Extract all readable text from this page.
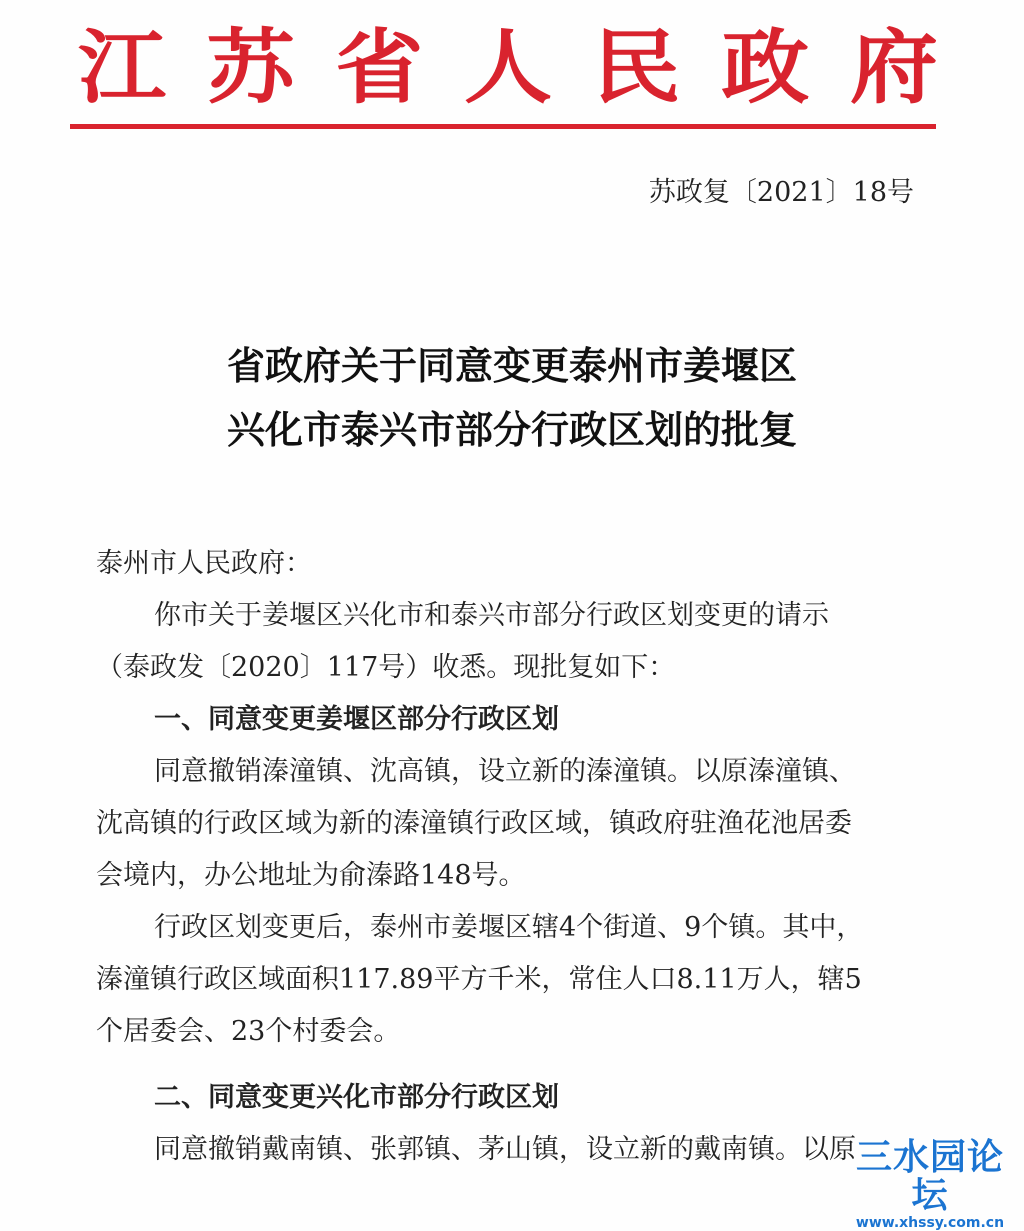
江 苏 省 人 民 政 府
苏政复〔2021〕18号
省政府关于同意变更泰州市姜堰区
兴化市泰兴市部分行政区划的批复
泰州市人民政府：
你市关于姜堰区兴化市和泰兴市部分行政区划变更的请示
（泰政发〔2020〕117号）收悉。现批复如下：
一、同意变更姜堰区部分行政区划
同意撤销溱潼镇、沈高镇，设立新的溱潼镇。以原溱潼镇、
沈高镇的行政区域为新的溱潼镇行政区域，镇政府驻渔花池居委
会境内，办公地址为俞溱路148号。
行政区划变更后，泰州市姜堰区辖4个街道、9个镇。其中，
溱潼镇行政区域面积117.89平方千米，常住人口8.11万人，辖5
个居委会、23个村委会。
二、同意变更兴化市部分行政区划
同意撤销戴南镇、张郭镇、茅山镇，设立新的戴南镇。以原 三水园论坛
www.xhssy.com.cn
